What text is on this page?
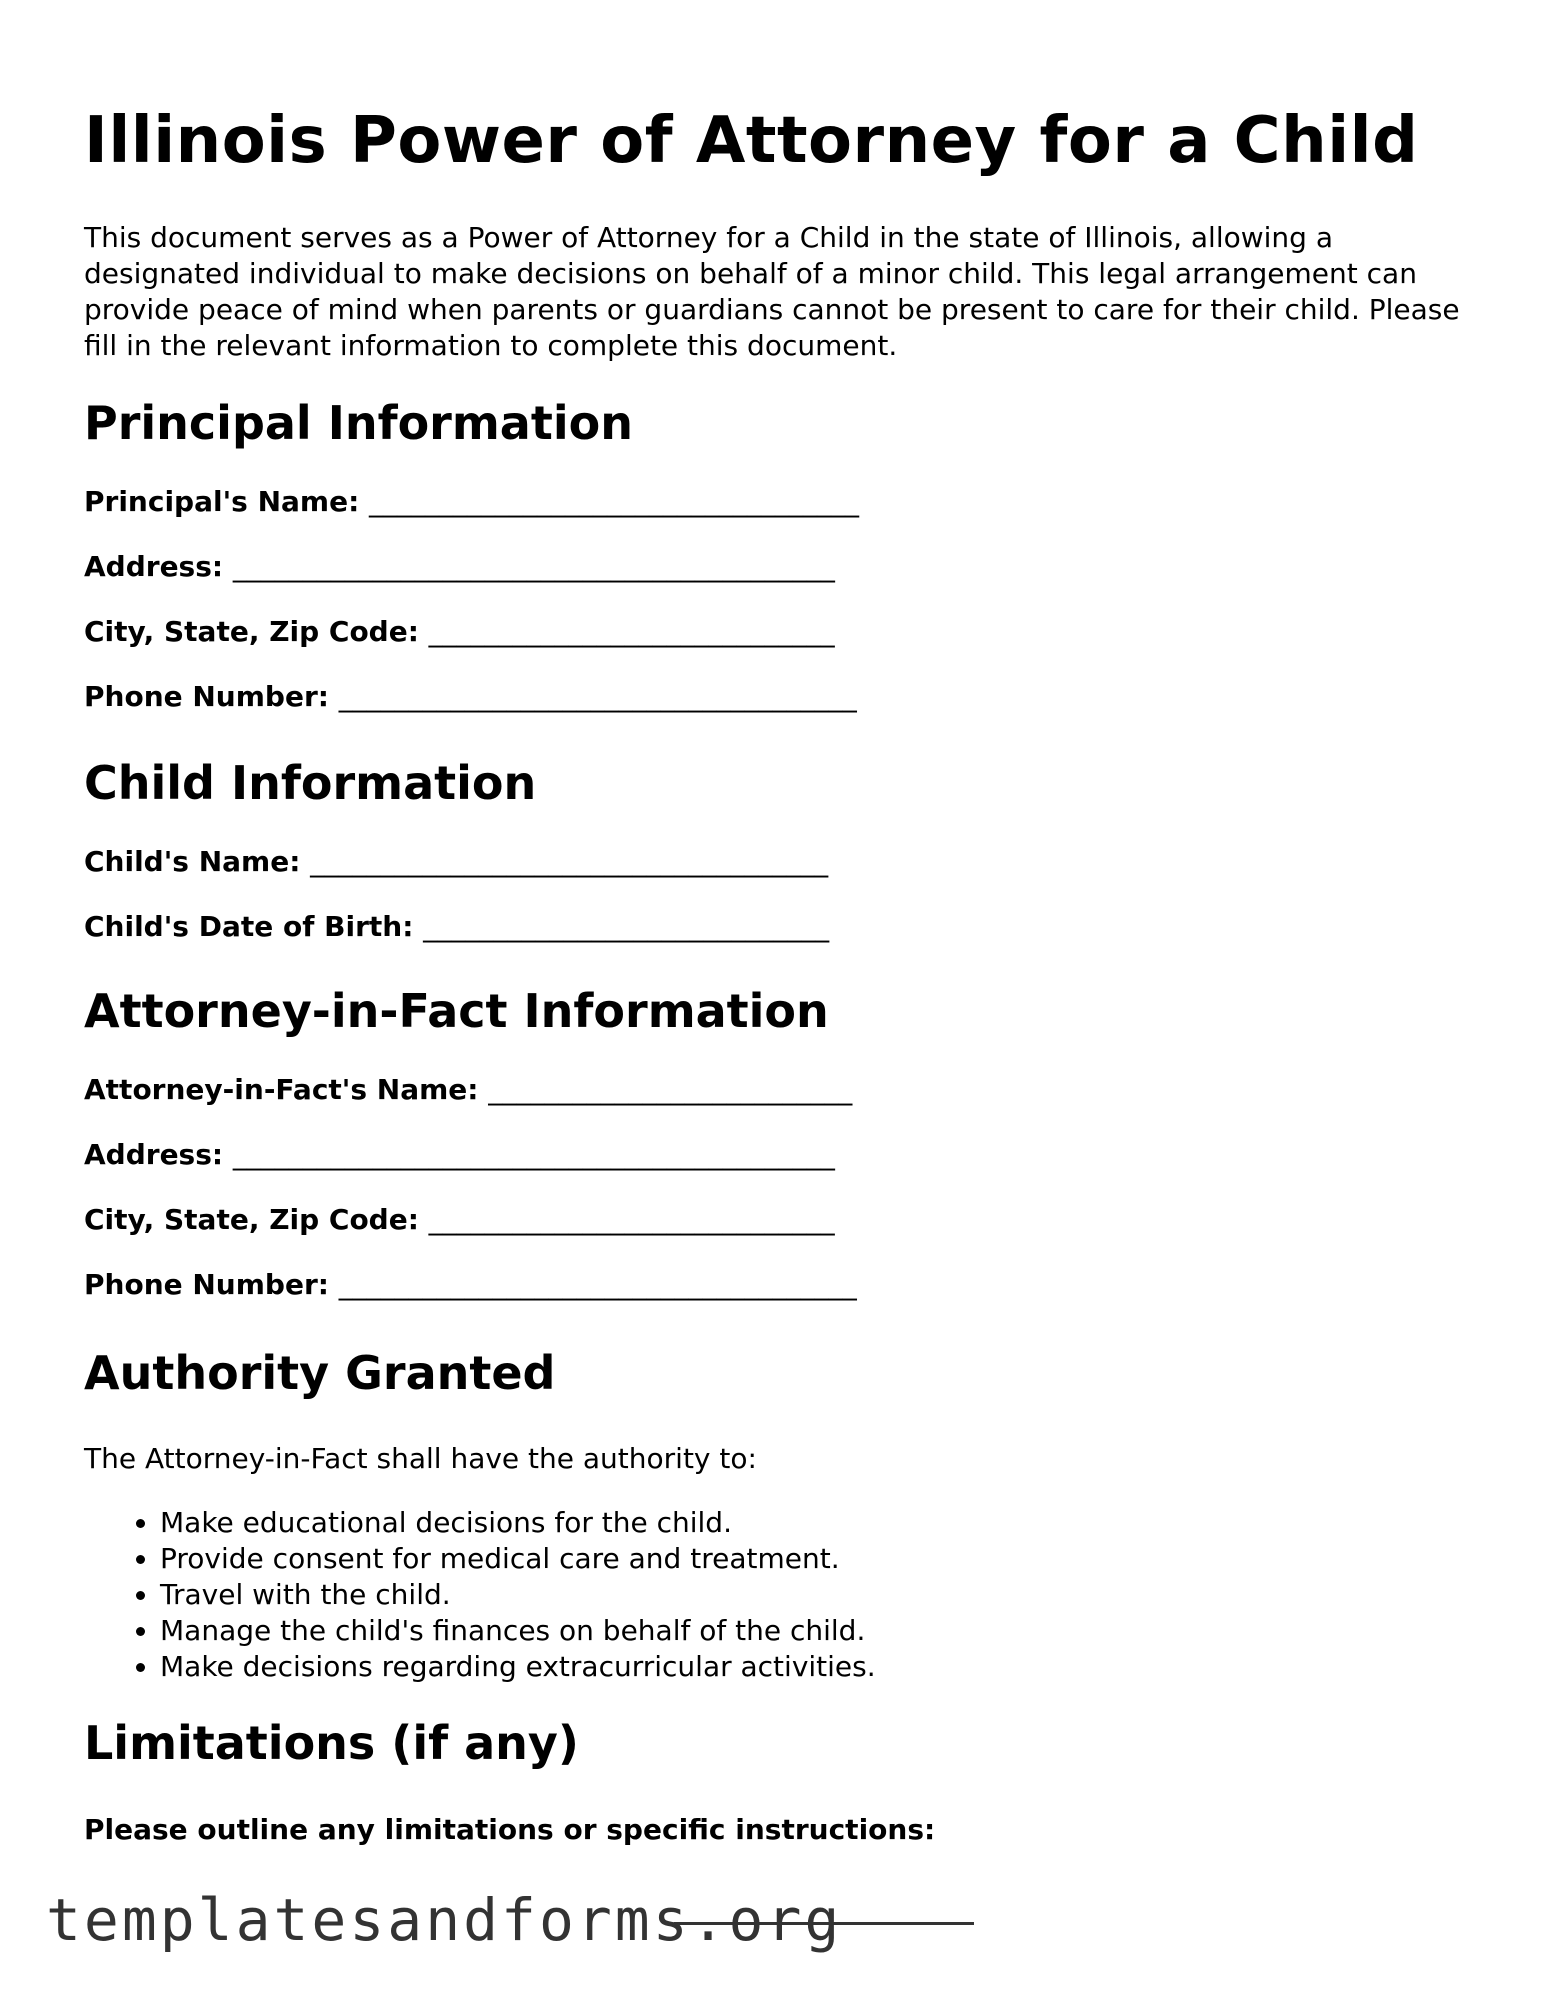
Illinois Power of Attorney for a Child

This document serves as a Power of Attorney for a Child in the state of Illinois, allowing a designated individual to make decisions on behalf of a minor child. This legal arrangement can provide peace of mind when parents or guardians cannot be present to care for their child. Please fill in the relevant information to complete this document.

Principal Information

Principal's Name: ___________________________________

Address: ___________________________________________

City, State, Zip Code: _____________________________

Phone Number: _____________________________________

Child Information

Child's Name: _____________________________________

Child's Date of Birth: _____________________________

Attorney-in-Fact Information

Attorney-in-Fact's Name: __________________________

Address: ___________________________________________

City, State, Zip Code: _____________________________

Phone Number: _____________________________________

Authority Granted

The Attorney-in-Fact shall have the authority to:

• Make educational decisions for the child.
• Provide consent for medical care and treatment.
• Travel with the child.
• Manage the child's finances on behalf of the child.
• Make decisions regarding extracurricular activities.
Limitations (if any)

Please outline any limitations or specific instructions:

templatesandforms.org
